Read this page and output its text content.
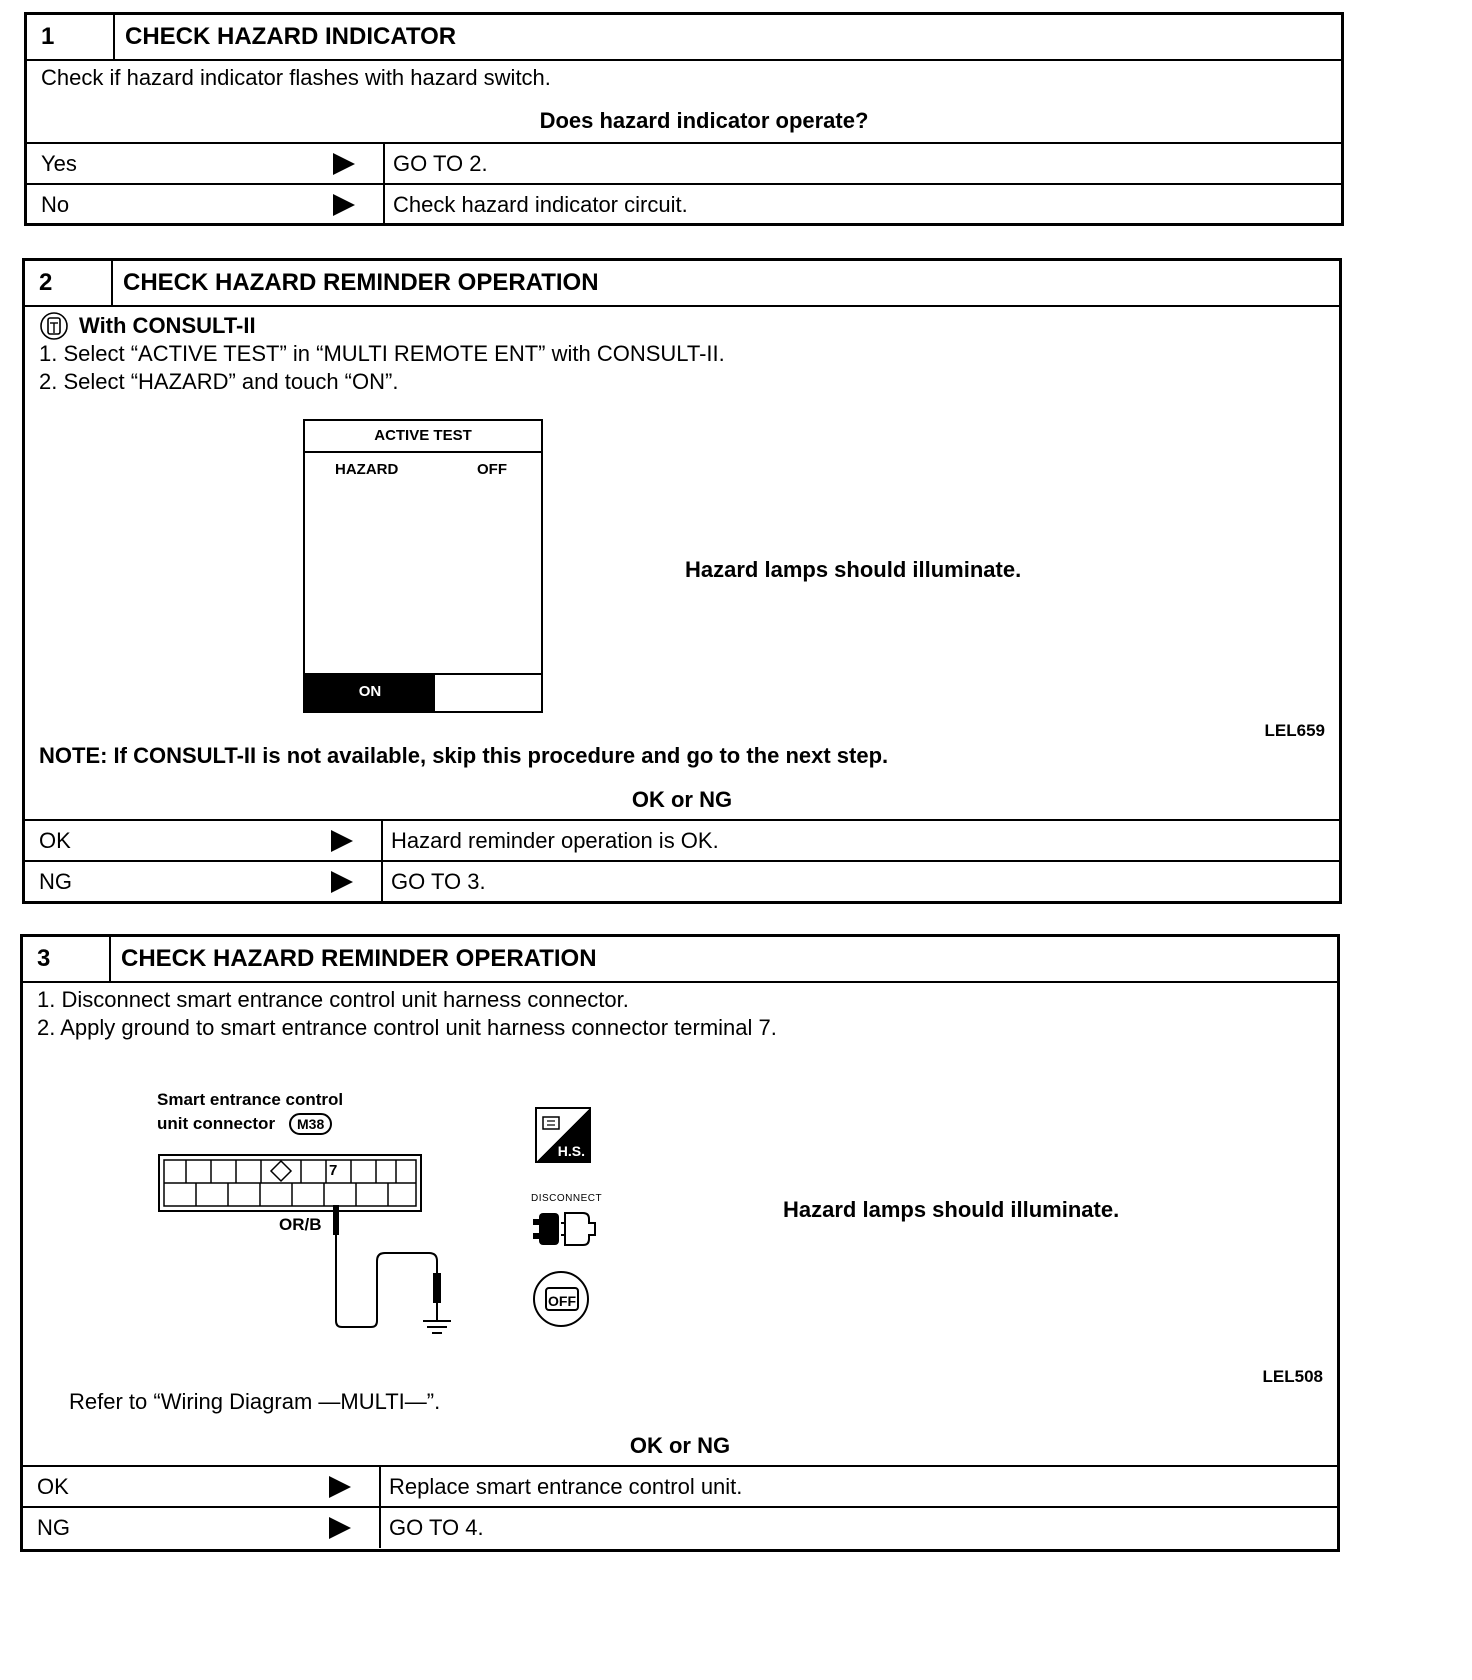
1	CHECK HAZARD INDICATOR
Check if hazard indicator flashes with hazard switch.
Does hazard indicator operate?
Yes	GO TO 2.
No	Check hazard indicator circuit.
2	CHECK HAZARD REMINDER OPERATION
With CONSULT-II
1. Select “ACTIVE TEST” in “MULTI REMOTE ENT” with CONSULT-II.
2. Select “HAZARD” and touch “ON”.
ACTIVE TEST
HAZARD	OFF
ON
Hazard lamps should illuminate.
LEL659
NOTE: If CONSULT-II is not available, skip this procedure and go to the next step.
OK or NG
OK	Hazard reminder operation is OK.
NG	GO TO 3.
3	CHECK HAZARD REMINDER OPERATION
1. Disconnect smart entrance control unit harness connector.
2. Apply ground to smart entrance control unit harness connector terminal 7.
Smart entrance control
unit connector	M38
7
OR/B
H.S.
DISCONNECT
OFF
Hazard lamps should illuminate.
LEL508
Refer to “Wiring Diagram —MULTI—”.
OK or NG
OK	Replace smart entrance control unit.
NG	GO TO 4.
